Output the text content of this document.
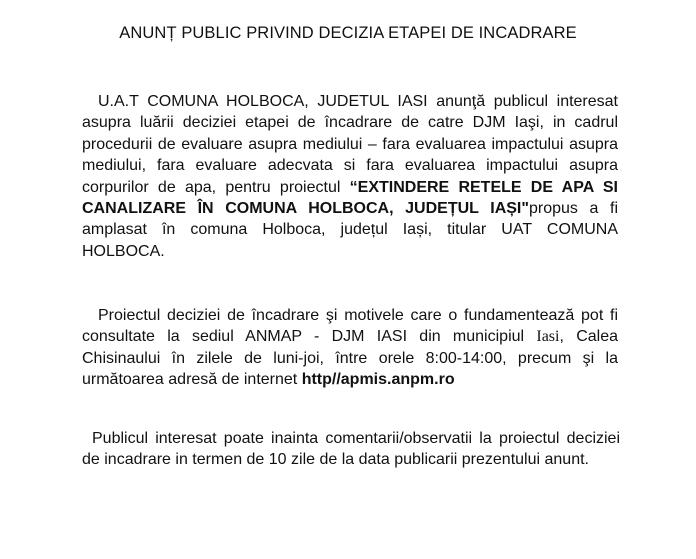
ANUNȚ PUBLIC PRIVIND DECIZIA ETAPEI DE INCADRARE

U.A.T COMUNA HOLBOCA, JUDETUL IASI anunţă publicul interesat asupra luării deciziei etapei de încadrare de catre DJM Iaşi, in cadrul procedurii de evaluare asupra mediului – fara evaluarea impactului asupra mediului, fara evaluare adecvata si fara evaluarea impactului asupra corpurilor de apa, pentru proiectul “EXTINDERE RETELE DE APA SI CANALIZARE ÎN COMUNA HOLBOCA, JUDEȚUL IAȘI"propus a fi amplasat în comuna Holboca, județul Iași, titular UAT COMUNA HOLBOCA.

Proiectul deciziei de încadrare şi motivele care o fundamentează pot fi consultate la sediul ANMAP - DJM IASI din municipiul Iasi, Calea Chisinaului în zilele de luni-joi, între orele 8:00-14:00, precum şi la următoarea adresă de internet http//apmis.anpm.ro

Publicul interesat poate inainta comentarii/observatii la proiectul deciziei de incadrare in termen de 10 zile de la data publicarii prezentului anunt.
